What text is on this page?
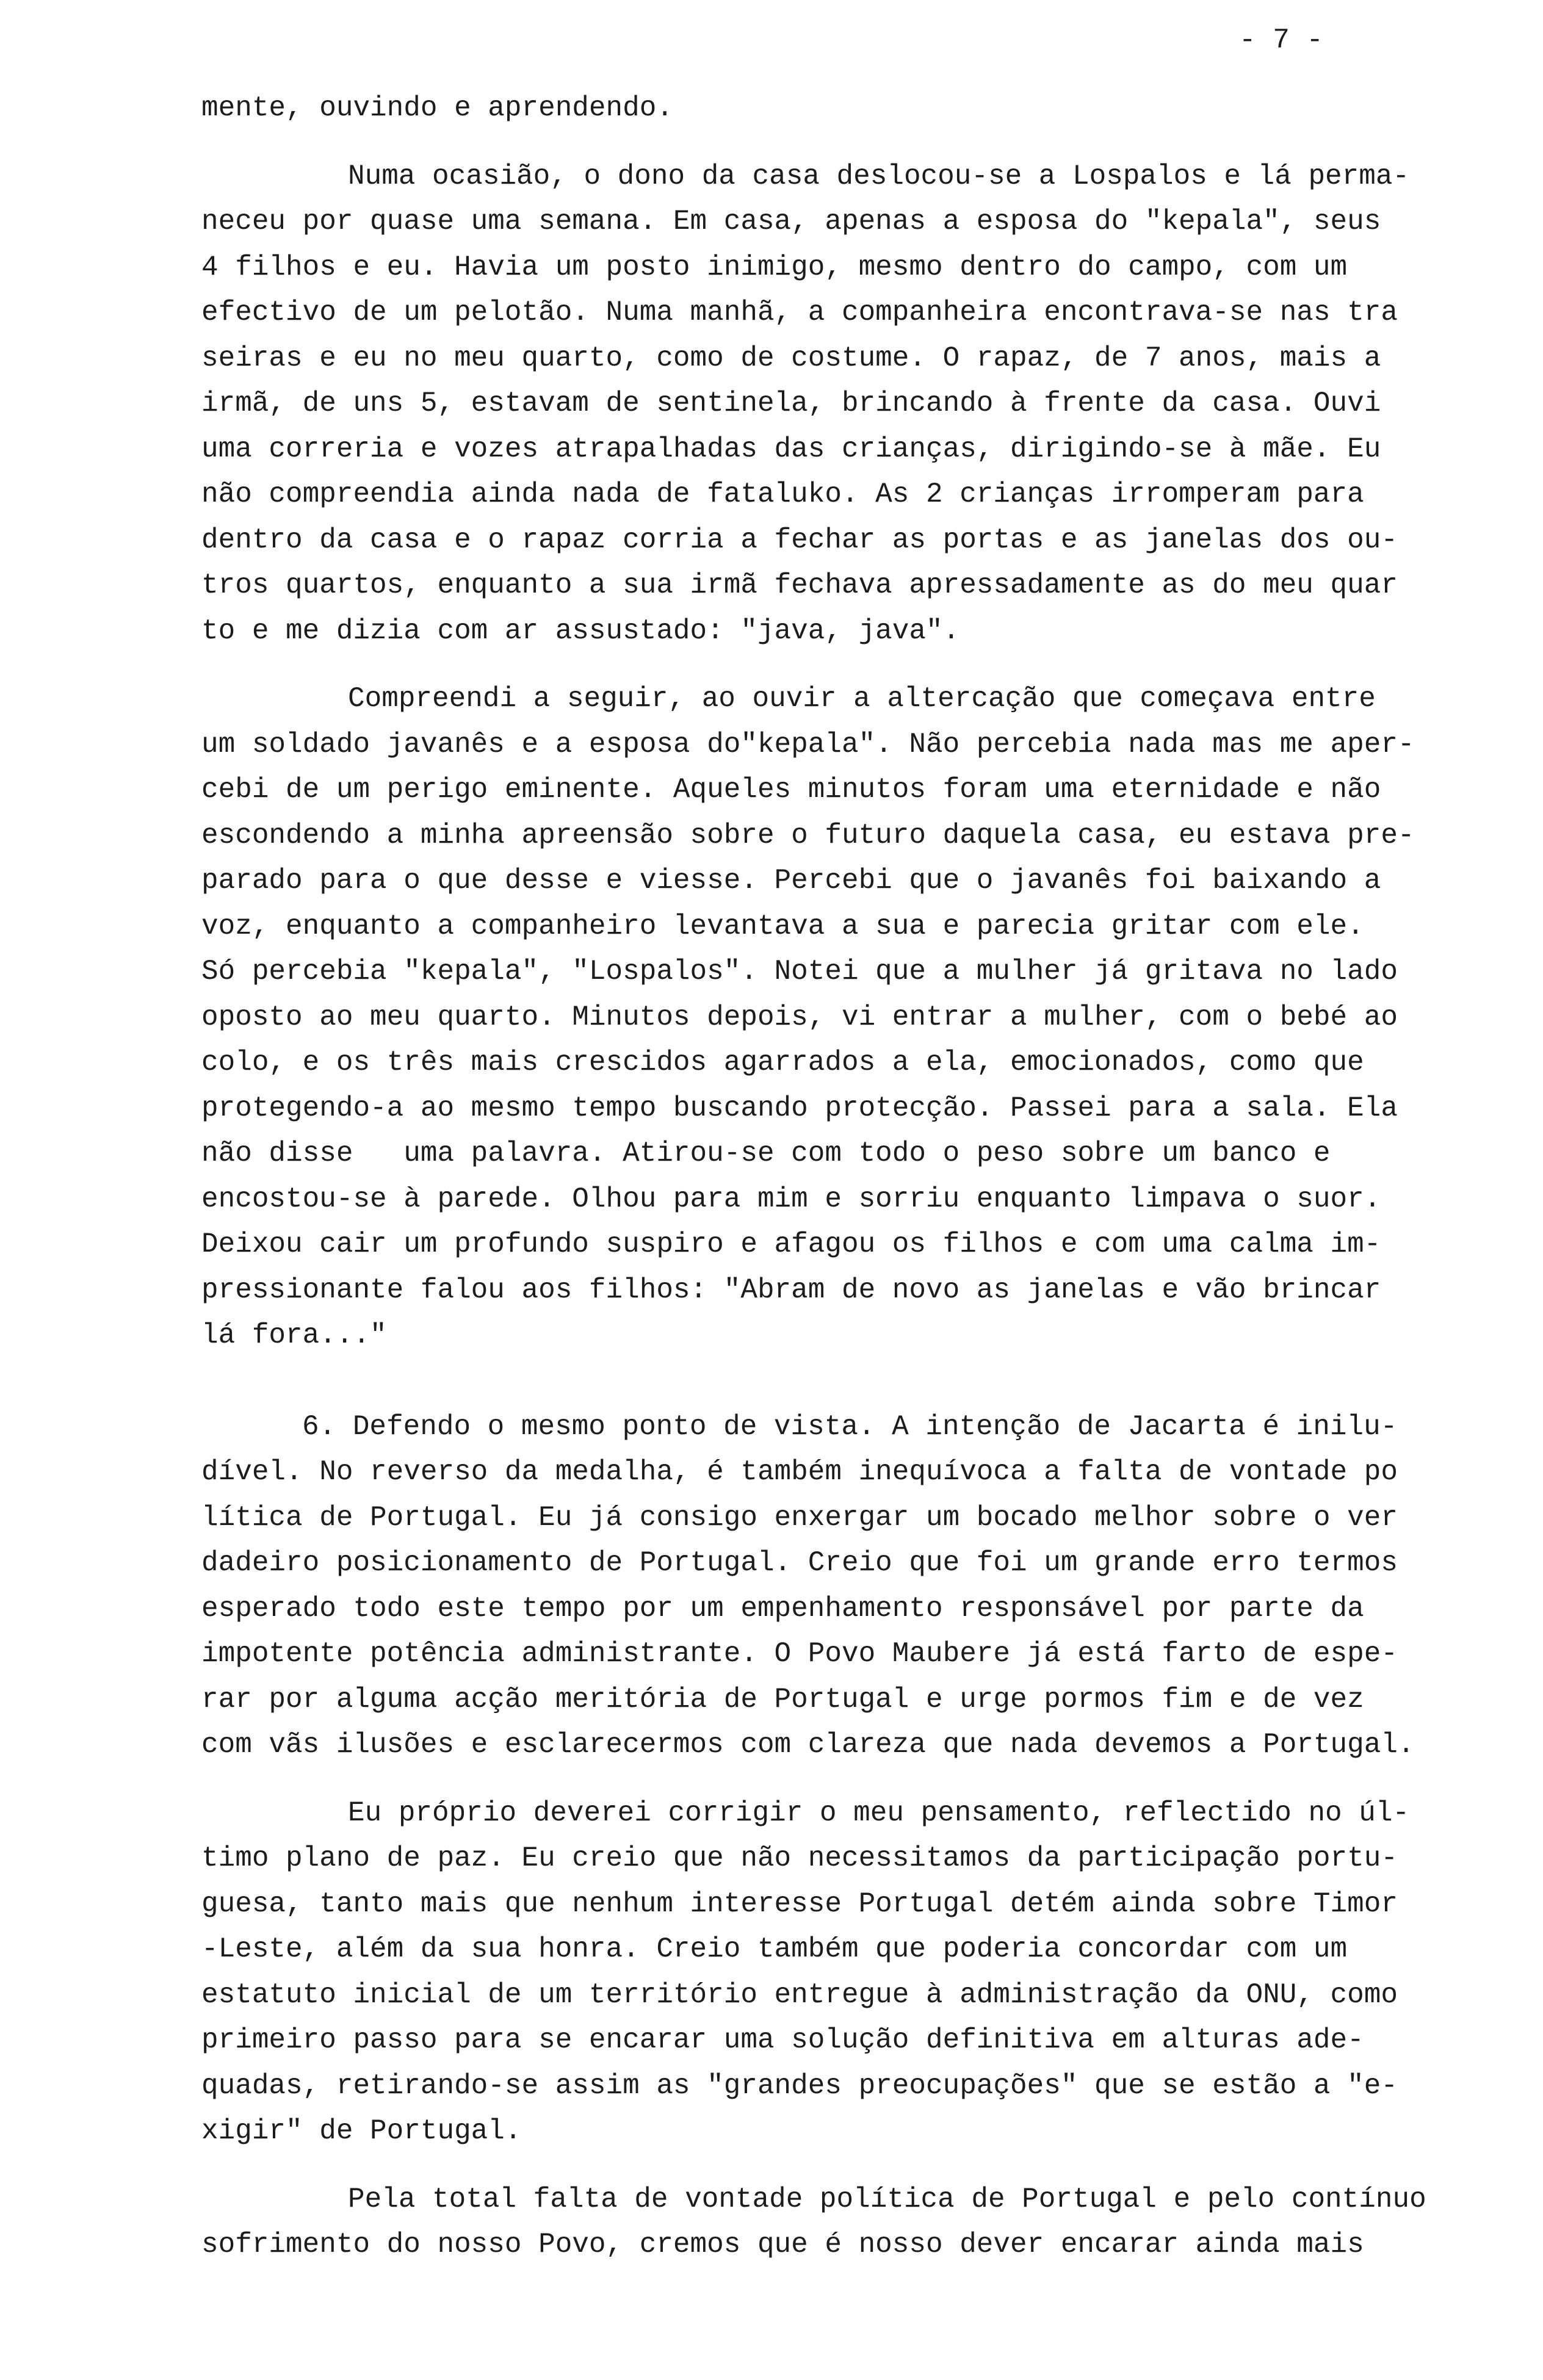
- 7 -
mente, ouvindo e aprendendo.
Numa ocasião, o dono da casa deslocou-se a Lospalos e lá perma-
neceu por quase uma semana. Em casa, apenas a esposa do "kepala", seus
4 filhos e eu. Havia um posto inimigo, mesmo dentro do campo, com um
efectivo de um pelotão. Numa manhã, a companheira encontrava-se nas tra
seiras e eu no meu quarto, como de costume. O rapaz, de 7 anos, mais a
irmã, de uns 5, estavam de sentinela, brincando à frente da casa. Ouvi
uma correria e vozes atrapalhadas das crianças, dirigindo-se à mãe. Eu
não compreendia ainda nada de fataluko. As 2 crianças irromperam para
dentro da casa e o rapaz corria a fechar as portas e as janelas dos ou-
tros quartos, enquanto a sua irmã fechava apressadamente as do meu quar
to e me dizia com ar assustado: "java, java".
Compreendi a seguir, ao ouvir a altercação que começava entre
um soldado javanês e a esposa do"kepala". Não percebia nada mas me aper-
cebi de um perigo eminente. Aqueles minutos foram uma eternidade e não
escondendo a minha apreensão sobre o futuro daquela casa, eu estava pre-
parado para o que desse e viesse. Percebi que o javanês foi baixando a
voz, enquanto a companheiro levantava a sua e parecia gritar com ele.
Só percebia "kepala", "Lospalos". Notei que a mulher já gritava no lado
oposto ao meu quarto. Minutos depois, vi entrar a mulher, com o bebé ao
colo, e os três mais crescidos agarrados a ela, emocionados, como que
protegendo-a ao mesmo tempo buscando protecção. Passei para a sala. Ela
não disse   uma palavra. Atirou-se com todo o peso sobre um banco e
encostou-se à parede. Olhou para mim e sorriu enquanto limpava o suor.
Deixou cair um profundo suspiro e afagou os filhos e com uma calma im-
pressionante falou aos filhos: "Abram de novo as janelas e vão brincar
lá fora..."
6. Defendo o mesmo ponto de vista. A intenção de Jacarta é inilu-
dível. No reverso da medalha, é também inequívoca a falta de vontade po
lítica de Portugal. Eu já consigo enxergar um bocado melhor sobre o ver
dadeiro posicionamento de Portugal. Creio que foi um grande erro termos
esperado todo este tempo por um empenhamento responsável por parte da
impotente potência administrante. O Povo Maubere já está farto de espe-
rar por alguma acção meritória de Portugal e urge pormos fim e de vez
com vãs ilusões e esclarecermos com clareza que nada devemos a Portugal.
Eu próprio deverei corrigir o meu pensamento, reflectido no úl-
timo plano de paz. Eu creio que não necessitamos da participação portu-
guesa, tanto mais que nenhum interesse Portugal detém ainda sobre Timor
-Leste, além da sua honra. Creio também que poderia concordar com um
estatuto inicial de um território entregue à administração da ONU, como
primeiro passo para se encarar uma solução definitiva em alturas ade-
quadas, retirando-se assim as "grandes preocupações" que se estão a "e-
xigir" de Portugal.
Pela total falta de vontade política de Portugal e pelo contínuo
sofrimento do nosso Povo, cremos que é nosso dever encarar ainda mais
